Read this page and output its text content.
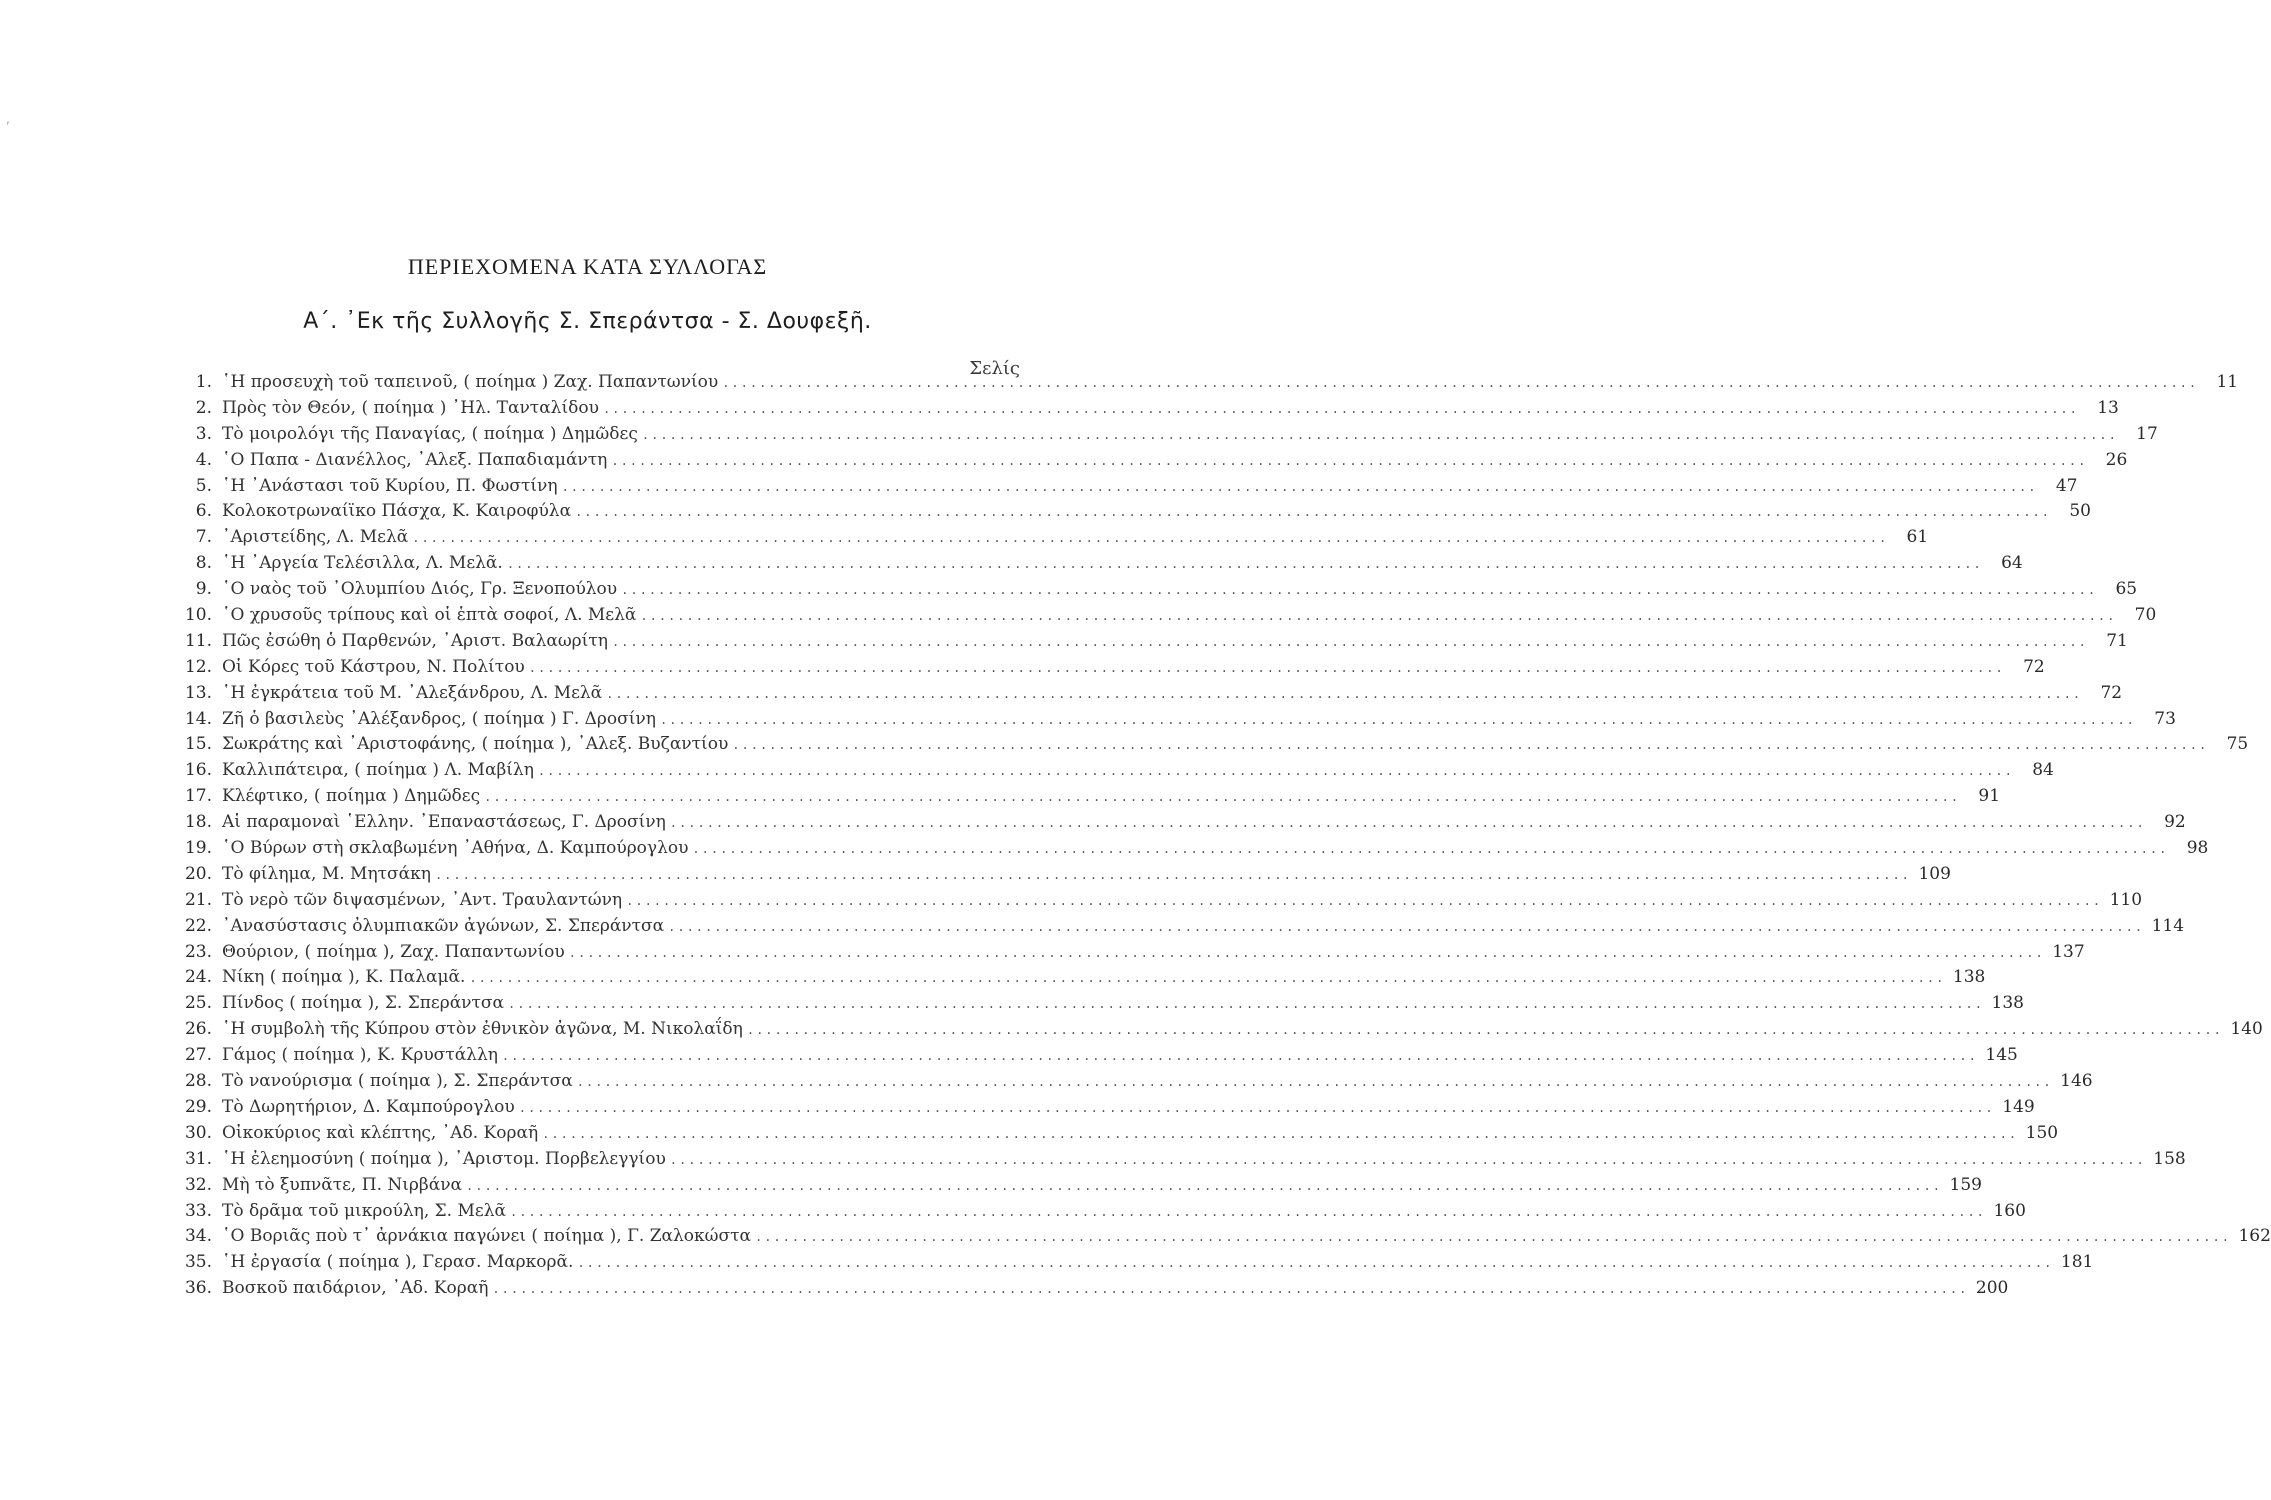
,
ΠΕΡΙΕΧΟΜΕΝΑ ΚΑΤΑ ΣΥΛΛΟΓΑΣ
Α΄. ᾿Εκ τῆς Συλλογῆς Σ. Σπεράντσα - Σ. Δουφεξῆ.
Σελίς
1. ῾Η προσευχὴ τοῦ ταπεινοῦ, ( ποίημα ) Ζαχ. Παπαντωνίου .....	11
2. Πρὸς τὸν Θεόν, ( ποίημα ) ᾿Ηλ. Τανταλίδου .....	13
3. Τὸ μοιρολόγι τῆς Παναγίας, ( ποίημα ) Δημῶδες .....	17
4. ῾Ο Παπα - Διανέλλος, ᾿Αλεξ. Παπαδιαμάντη .....	26
5. ῾Η ᾿Ανάστασι τοῦ Κυρίου, Π. Φωστίνη .....	47
6. Κολοκοτρωναίϊκο Πάσχα, Κ. Καιροφύλα .....	50
7. ᾿Αριστείδης, Λ. Μελᾶ .....	61
8. ῾Η ᾿Αργεία Τελέσιλλα, Λ. Μελᾶ. .....	64
9. ῾Ο ναὸς τοῦ ᾿Ολυμπίου Διός, Γρ. Ξενοπούλου .....	65
10. ῾Ο χρυσοῦς τρίπους καὶ οἱ ἑπτὰ σοφοί, Λ. Μελᾶ .....	70
11. Πῶς ἐσώθη ὁ Παρθενών, ᾿Αριστ. Βαλαωρίτη .....	71
12. Οἱ Κόρες τοῦ Κάστρου, Ν. Πολίτου .....	72
13. ῾Η ἐγκράτεια τοῦ Μ. ᾿Αλεξάνδρου, Λ. Μελᾶ .....	72
14. Ζῆ ὁ βασιλεὺς ᾿Αλέξανδρος, ( ποίημα ) Γ. Δροσίνη .....	73
15. Σωκράτης καὶ ᾿Αριστοφάνης, ( ποίημα ), ᾿Αλεξ. Βυζαντίου .....	75
16. Καλλιπάτειρα, ( ποίημα ) Λ. Μαβίλη .....	84
17. Κλέφτικο, ( ποίημα ) Δημῶδες .....	91
18. Αἱ παραμοναὶ ῾Ελλην. ᾿Επαναστάσεως, Γ. Δροσίνη .....	92
19. ῾Ο Βύρων στὴ σκλαβωμένη ᾿Αθήνα, Δ. Καμπούρογλου .....	98
20. Τὸ φίλημα, Μ. Μητσάκη .....	109
21. Τὸ νερὸ τῶν διψασμένων, ᾿Αντ. Τραυλαντώνη .....	110
22. ᾿Ανασύστασις ὀλυμπιακῶν ἀγώνων, Σ. Σπεράντσα .....	114
23. Θούριον, ( ποίημα ), Ζαχ. Παπαντωνίου .....	137
24. Νίκη ( ποίημα ), Κ. Παλαμᾶ. .....	138
25. Πίνδος ( ποίημα ), Σ. Σπεράντσα .....	138
26. ῾Η συμβολὴ τῆς Κύπρου στὸν ἐθνικὸν ἀγῶνα, Μ. Νικολαΐδη .....	140
27. Γάμος ( ποίημα ), Κ. Κρυστάλλη .....	145
28. Τὸ νανούρισμα ( ποίημα ), Σ. Σπεράντσα .....	146
29. Τὸ Δωρητήριον, Δ. Καμπούρογλου .....	149
30. Οἰκοκύριος καὶ κλέπτης, ᾿Αδ. Κοραῆ .....	150
31. ῾Η ἐλεημοσύνη ( ποίημα ), ᾿Αριστομ. Πορβελεγγίου .....	158
32. Μὴ τὸ ξυπνᾶτε, Π. Νιρβάνα .....	159
33. Τὸ δρᾶμα τοῦ μικρούλη, Σ. Μελᾶ .....	160
34. ῾Ο Βοριᾶς ποὺ τ᾿ ἀρνάκια παγώνει ( ποίημα ), Γ. Ζαλοκώστα .....	162
35. ῾Η ἐργασία ( ποίημα ), Γερασ. Μαρκορᾶ. .....	181
36. Βοσκοῦ παιδάριον, ᾿Αδ. Κοραῆ .....	200
